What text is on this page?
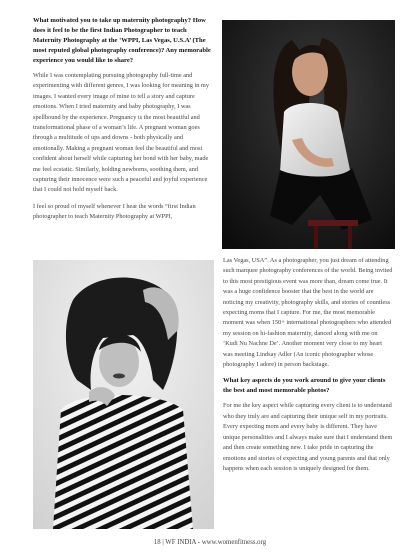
What motivated you to take up maternity photography? How does it feel to be the first Indian Photographer to teach Maternity Photography at the ‘WPPI, Las Vegas, U.S.A’ (The most reputed global photography conference)? Any memorable experience you would like to share?

While I was contemplating pursuing photography full-time and experimenting with different genres, I was looking for meaning in my images. I wanted every image of mine to tell a story and capture emotions. When I tried maternity and baby photography, I was spellbound by the experience. Pregnancy is the most beautiful and transformational phase of a woman’s life. A pregnant woman goes through a multitude of ups and downs - both physically and emotionally. Making a pregnant woman feel the beautiful and most confident about herself while capturing her bond with her baby, made me feel ecstatic. Similarly, holding newborns, soothing them, and capturing their innocence were such a peaceful and joyful experience that I could not hold myself back.

I feel so proud of myself whenever I hear the words “first Indian photographer to teach Maternity Photography at WPPI,

Las Vegas, USA”. As a photographer, you just dream of attending such marquee photography conferences of the world. Being invited to this most prestigious event was more than, dream come true. It was a huge confidence booster that the best in the world are noticing my creativity, photography skills, and stories of countless expecting moms that I capture. For me, the most memorable moment was when 150+ international photographers who attended my session on hi-fashion maternity, danced along with me on ‘Kudi Nu Nachne De’. Another moment very close to my heart was meeting Lindsay Adler (An iconic photographer whose photography I adore) in person backstage.

What key aspects do you work around to give your clients the best and most memorable photos?

For me the key aspect while capturing every client is to understand who they truly are and capturing their unique self in my portraits. Every expecting mom and every baby is different. They have unique personalities and I always make sure that I understand them and then create something new. I take pride in capturing the emotions and stories of expecting and young parents and that only happens when each session is uniquely designed for them.

18 | WF INDIA - www.womenfitness.org
